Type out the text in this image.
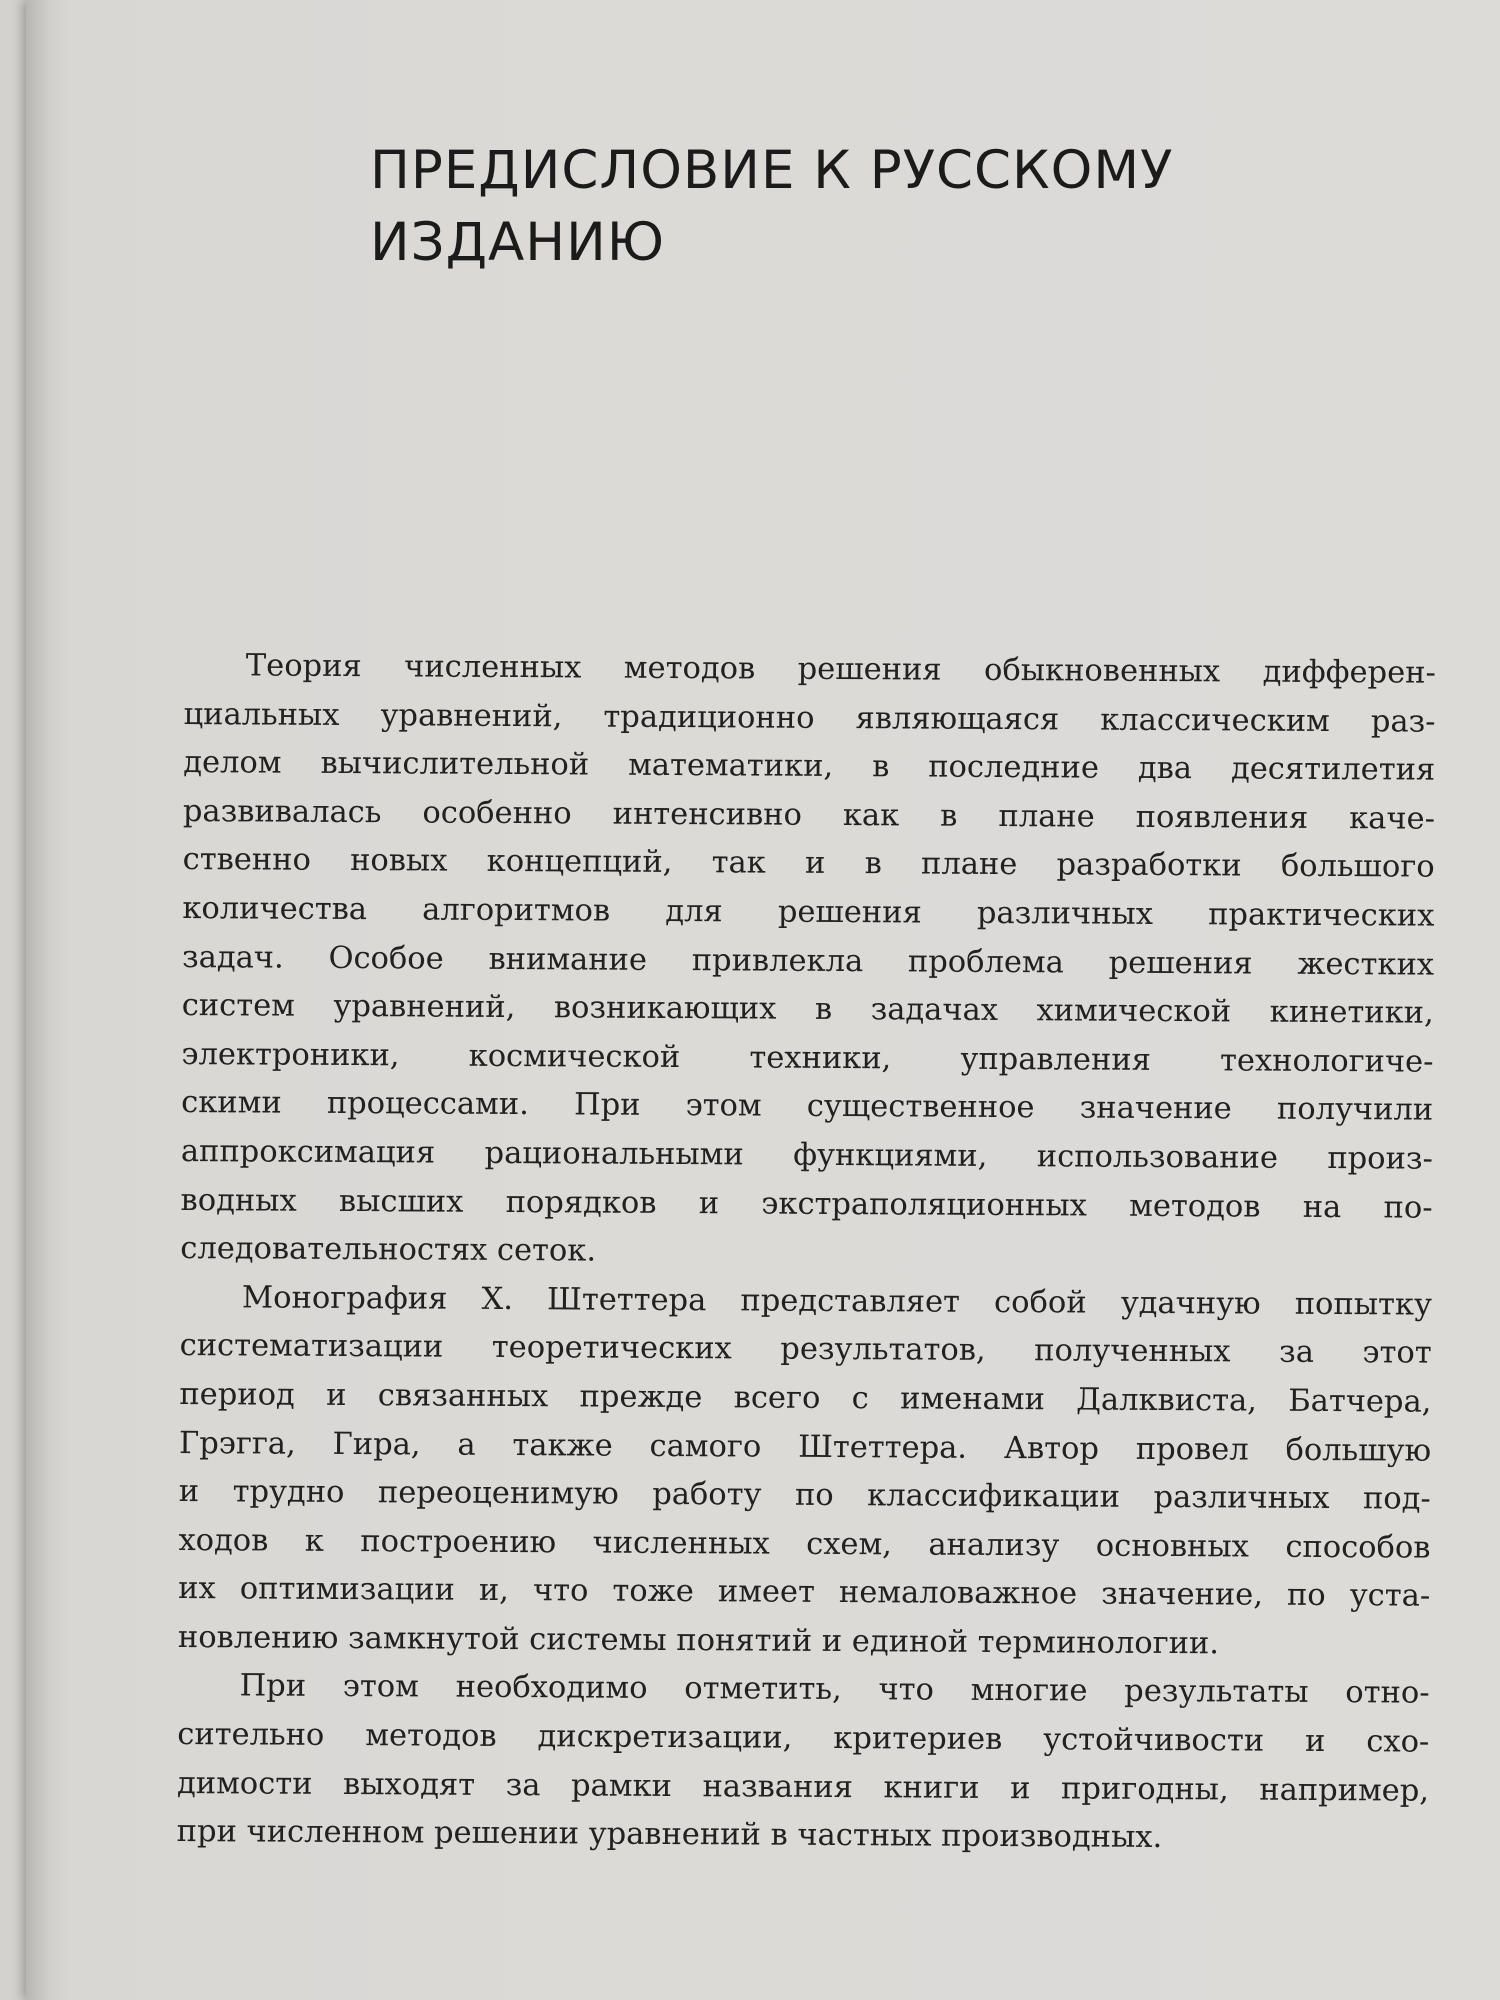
ПРЕДИСЛОВИЕ К РУССКОМУ
ИЗДАНИЮ
Теория численных методов решения обыкновенных дифферен-
циальных уравнений, традиционно являющаяся классическим раз-
делом вычислительной математики, в последние два десятилетия
развивалась особенно интенсивно как в плане появления каче-
ственно новых концепций, так и в плане разработки большого
количества алгоритмов для решения различных практических
задач. Особое внимание привлекла проблема решения жестких
систем уравнений, возникающих в задачах химической кинетики,
электроники, космической техники, управления технологиче-
скими процессами. При этом существенное значение получили
аппроксимация рациональными функциями, использование произ-
водных высших порядков и экстраполяционных методов на по-
следовательностях сеток.
Монография X. Штеттера представляет собой удачную попытку
систематизации теоретических результатов, полученных за этот
период и связанных прежде всего с именами Далквиста, Батчера,
Грэгга, Гира, а также самого Штеттера. Автор провел большую
и трудно переоценимую работу по классификации различных под-
ходов к построению численных схем, анализу основных способов
их оптимизации и, что тоже имеет немаловажное значение, по уста-
новлению замкнутой системы понятий и единой терминологии.
При этом необходимо отметить, что многие результаты отно-
сительно методов дискретизации, критериев устойчивости и схо-
димости выходят за рамки названия книги и пригодны, например,
при численном решении уравнений в частных производных.
